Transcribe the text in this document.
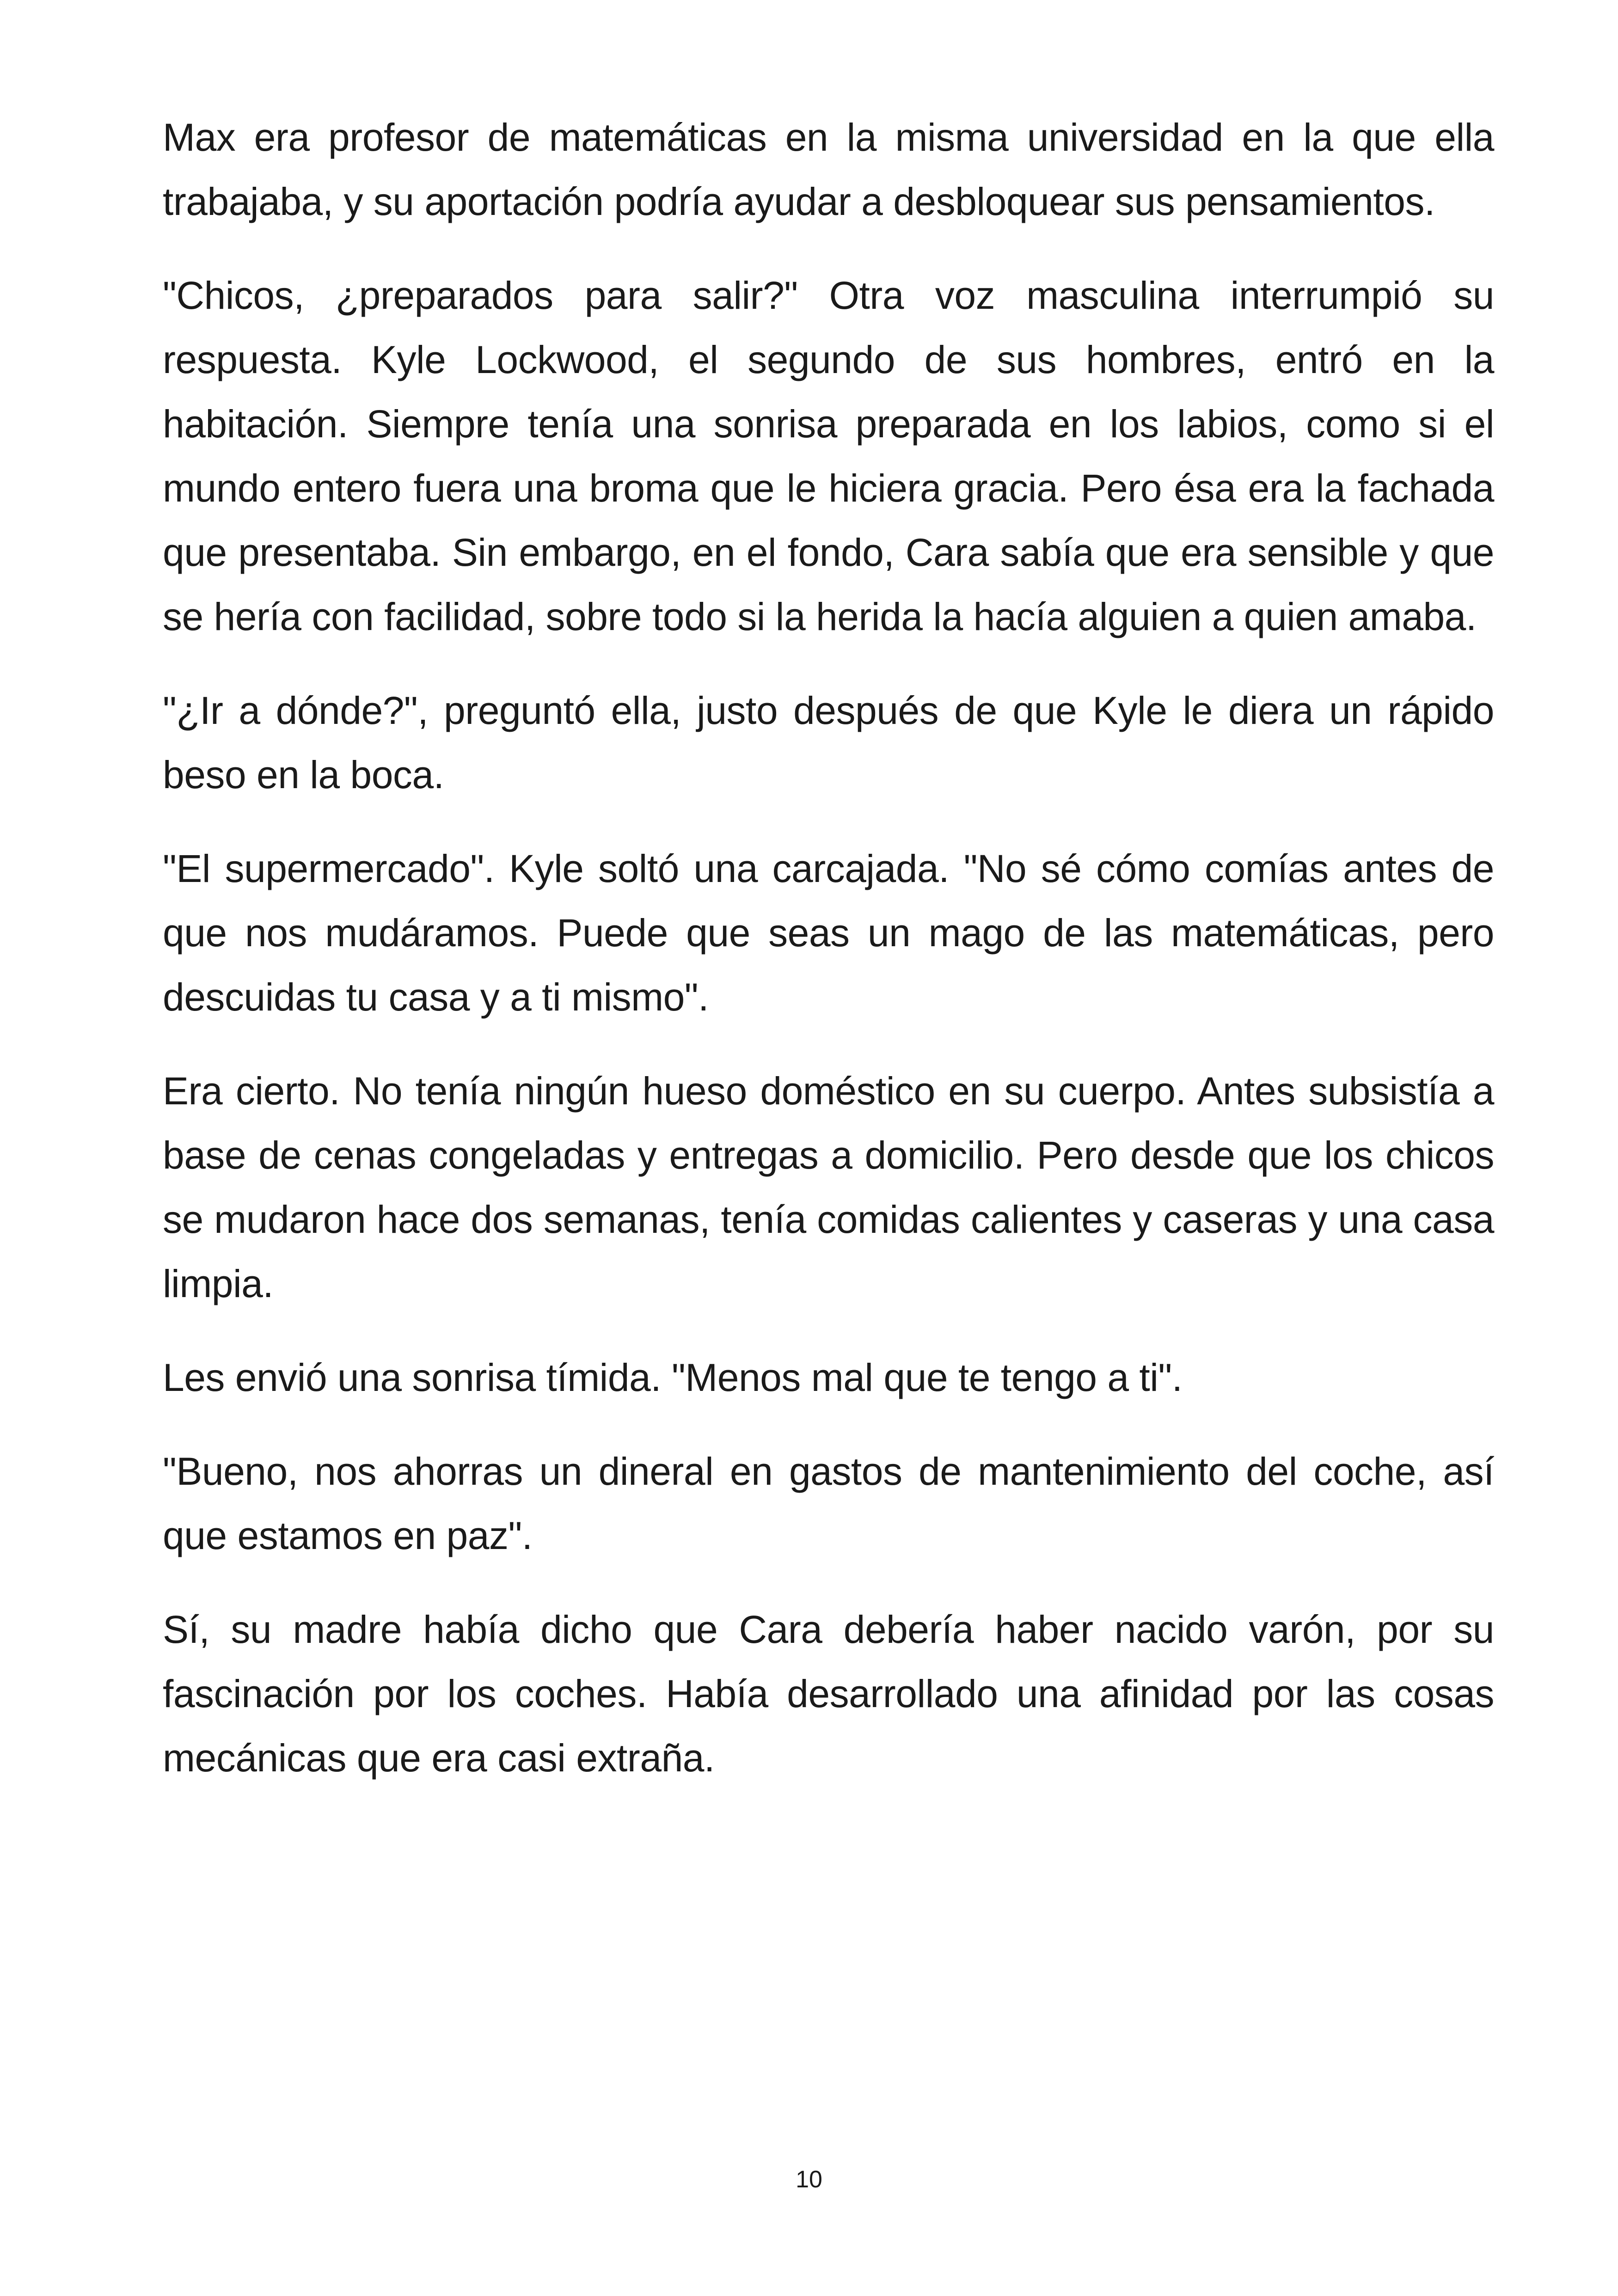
Max era profesor de matemáticas en la misma universidad en la que ella trabajaba, y su aportación podría ayudar a desbloquear sus pensamientos.

"Chicos, ¿preparados para salir?" Otra voz masculina interrumpió su respuesta. Kyle Lockwood, el segundo de sus hombres, entró en la habitación. Siempre tenía una sonrisa preparada en los labios, como si el mundo entero fuera una broma que le hiciera gracia. Pero ésa era la fachada que presentaba. Sin embargo, en el fondo, Cara sabía que era sensible y que se hería con facilidad, sobre todo si la herida la hacía alguien a quien amaba.

"¿Ir a dónde?", preguntó ella, justo después de que Kyle le diera un rápido beso en la boca.

"El supermercado". Kyle soltó una carcajada. "No sé cómo comías antes de que nos mudáramos. Puede que seas un mago de las matemáticas, pero descuidas tu casa y a ti mismo".

Era cierto. No tenía ningún hueso doméstico en su cuerpo. Antes subsistía a base de cenas congeladas y entregas a domicilio. Pero desde que los chicos se mudaron hace dos semanas, tenía comidas calientes y caseras y una casa limpia.

Les envió una sonrisa tímida. "Menos mal que te tengo a ti".

"Bueno, nos ahorras un dineral en gastos de mantenimiento del coche, así que estamos en paz".

Sí, su madre había dicho que Cara debería haber nacido varón, por su fascinación por los coches. Había desarrollado una afinidad por las cosas mecánicas que era casi extraña.

10
